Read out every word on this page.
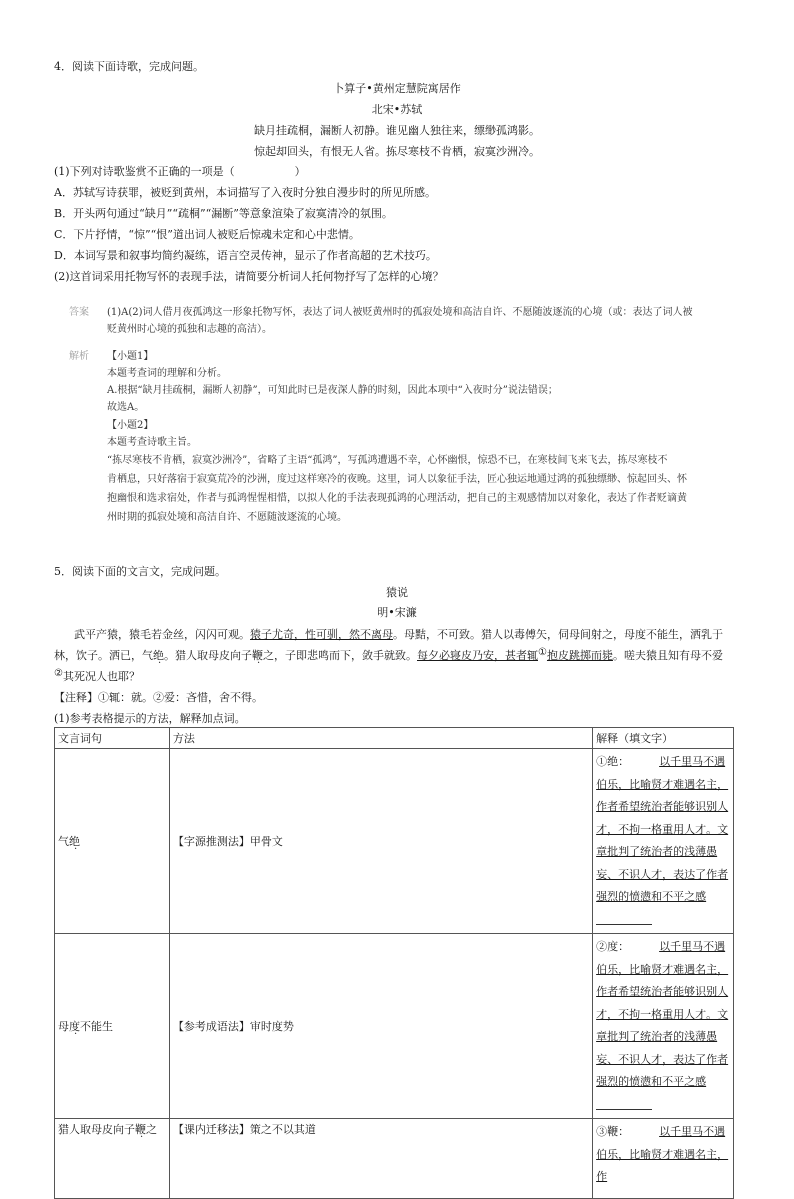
4．阅读下面诗歌，完成问题。
卜算子•黄州定慧院寓居作
北宋•苏轼
缺月挂疏桐，漏断人初静。谁见幽人独往来，缥缈孤鸿影。
惊起却回头，有恨无人省。拣尽寒枝不肯栖，寂寞沙洲冷。
(1)下列对诗歌鉴赏不正确的一项是（	）
A．苏轼写诗获罪，被贬到黄州，本词描写了入夜时分独自漫步时的所见所感。
B．开头两句通过“缺月”“疏桐”“漏断”等意象渲染了寂寞清冷的氛围。
C．下片抒情，“惊”“恨”道出词人被贬后惊魂未定和心中悲情。
D．本词写景和叙事均简约凝练，语言空灵传神，显示了作者高超的艺术技巧。
(2)这首词采用托物写怀的表现手法，请简要分析词人托何物抒写了怎样的心境？
答案 (1)A(2)词人借月夜孤鸿这一形象托物写怀，表达了词人被贬黄州时的孤寂处境和高洁自许、不愿随波逐流的心境（或：表达了词人被
贬黄州时心境的孤独和志趣的高洁）。
解析 【小题1】
本题考查词的理解和分析。
A.根据“缺月挂疏桐，漏断人初静”，可知此时已是夜深人静的时刻，因此本项中“入夜时分”说法错误；
故选A。
【小题2】
本题考查诗歌主旨。
“拣尽寒枝不肯栖，寂寞沙洲冷”，省略了主语“孤鸿”，写孤鸿遭遇不幸，心怀幽恨，惊恐不已，在寒枝间飞来飞去，拣尽寒枝不
肯栖息，只好落宿于寂寞荒冷的沙洲，度过这样寒冷的夜晚。这里，词人以象征手法，匠心独运地通过鸿的孤独缥缈、惊起回头、怀
抱幽恨和选求宿处，作者与孤鸿惺惺相惜，以拟人化的手法表现孤鸿的心理活动，把自己的主观感情加以对象化，表达了作者贬谪黄
州时期的孤寂处境和高洁自许、不愿随波逐流的心境。
5．阅读下面的文言文，完成问题。
猿说
明•宋濂
武平产猿，猿毛若金丝，闪闪可观。猿子尤奇，性可驯，然不离母。母黠，不可致。猎人以毒傅矢，伺母间射之，母度不能生，洒乳于
林，饮子。洒已，气绝。猎人取母皮向子鞭之，子即悲鸣而下，敛手就致。每夕必寝皮乃安，甚者辄①抱皮跳掷而毙。嗟夫猿且知有母不爱
②其死况人也耶？
【注释】①辄：就。②爱：吝惜，舍不得。
(1)参考表格提示的方法，解释加点词。
文言词句	方法	解释（填文字）
气绝	【字源推测法】甲骨文	①绝： 以千里马不遇伯乐，比喻贤才难遇名主，作者希望统治者能够识别人才，不拘一格重用人才。文章批判了统治者的浅薄愚妄、不识人才，表达了作者强烈的愤懑和不平之感
母度不能生	【参考成语法】审时度势	②度： 以千里马不遇伯乐，比喻贤才难遇名主，作者希望统治者能够识别人才，不拘一格重用人才。文章批判了统治者的浅薄愚妄、不识人才，表达了作者强烈的愤懑和不平之感
猎人取母皮向子鞭之	【课内迁移法】策之不以其道	③鞭： 以千里马不遇伯乐，比喻贤才难遇名主，作
